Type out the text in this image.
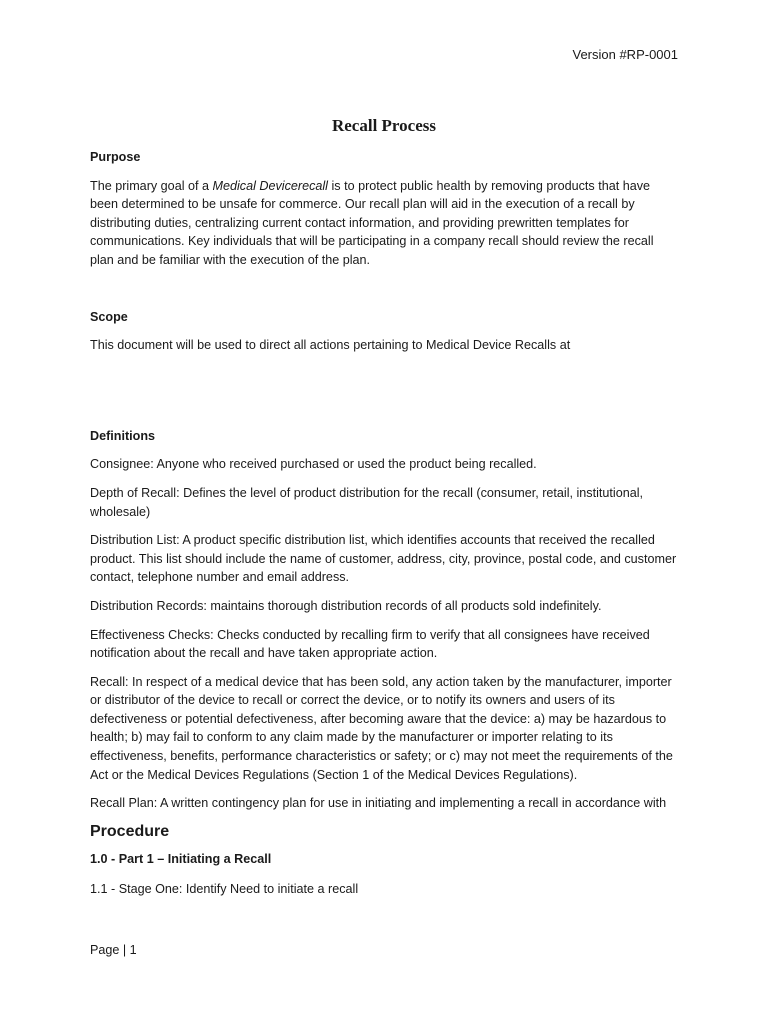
Version #RP-0001
Recall Process

Purpose

The primary goal of a Medical Devicerecall is to protect public health by removing products that have been determined to be unsafe for commerce. Our recall plan will aid in the execution of a recall by distributing duties, centralizing current contact information, and providing prewritten templates for communications. Key individuals that will be participating in a company recall should review the recall plan and be familiar with the execution of the plan.

Scope

This document will be used to direct all actions pertaining to Medical Device Recalls at

Definitions

Consignee: Anyone who received purchased or used the product being recalled.

Depth of Recall: Defines the level of product distribution for the recall (consumer, retail, institutional, wholesale)

Distribution List: A product specific distribution list, which identifies accounts that received the recalled product. This list should include the name of customer, address, city, province, postal code, and customer contact, telephone number and email address.

Distribution Records: maintains thorough distribution records of all products sold indefinitely.

Effectiveness Checks: Checks conducted by recalling firm to verify that all consignees have received notification about the recall and have taken appropriate action.

Recall: In respect of a medical device that has been sold, any action taken by the manufacturer, importer or distributor of the device to recall or correct the device, or to notify its owners and users of its defectiveness or potential defectiveness, after becoming aware that the device: a) may be hazardous to health; b) may fail to conform to any claim made by the manufacturer or importer relating to its effectiveness, benefits, performance characteristics or safety; or c) may not meet the requirements of the Act or the Medical Devices Regulations (Section 1 of the Medical Devices Regulations).

Recall Plan: A written contingency plan for use in initiating and implementing a recall in accordance with

Procedure

1.0 - Part 1 – Initiating a Recall

1.1 - Stage One: Identify Need to initiate a recall

Page | 1
